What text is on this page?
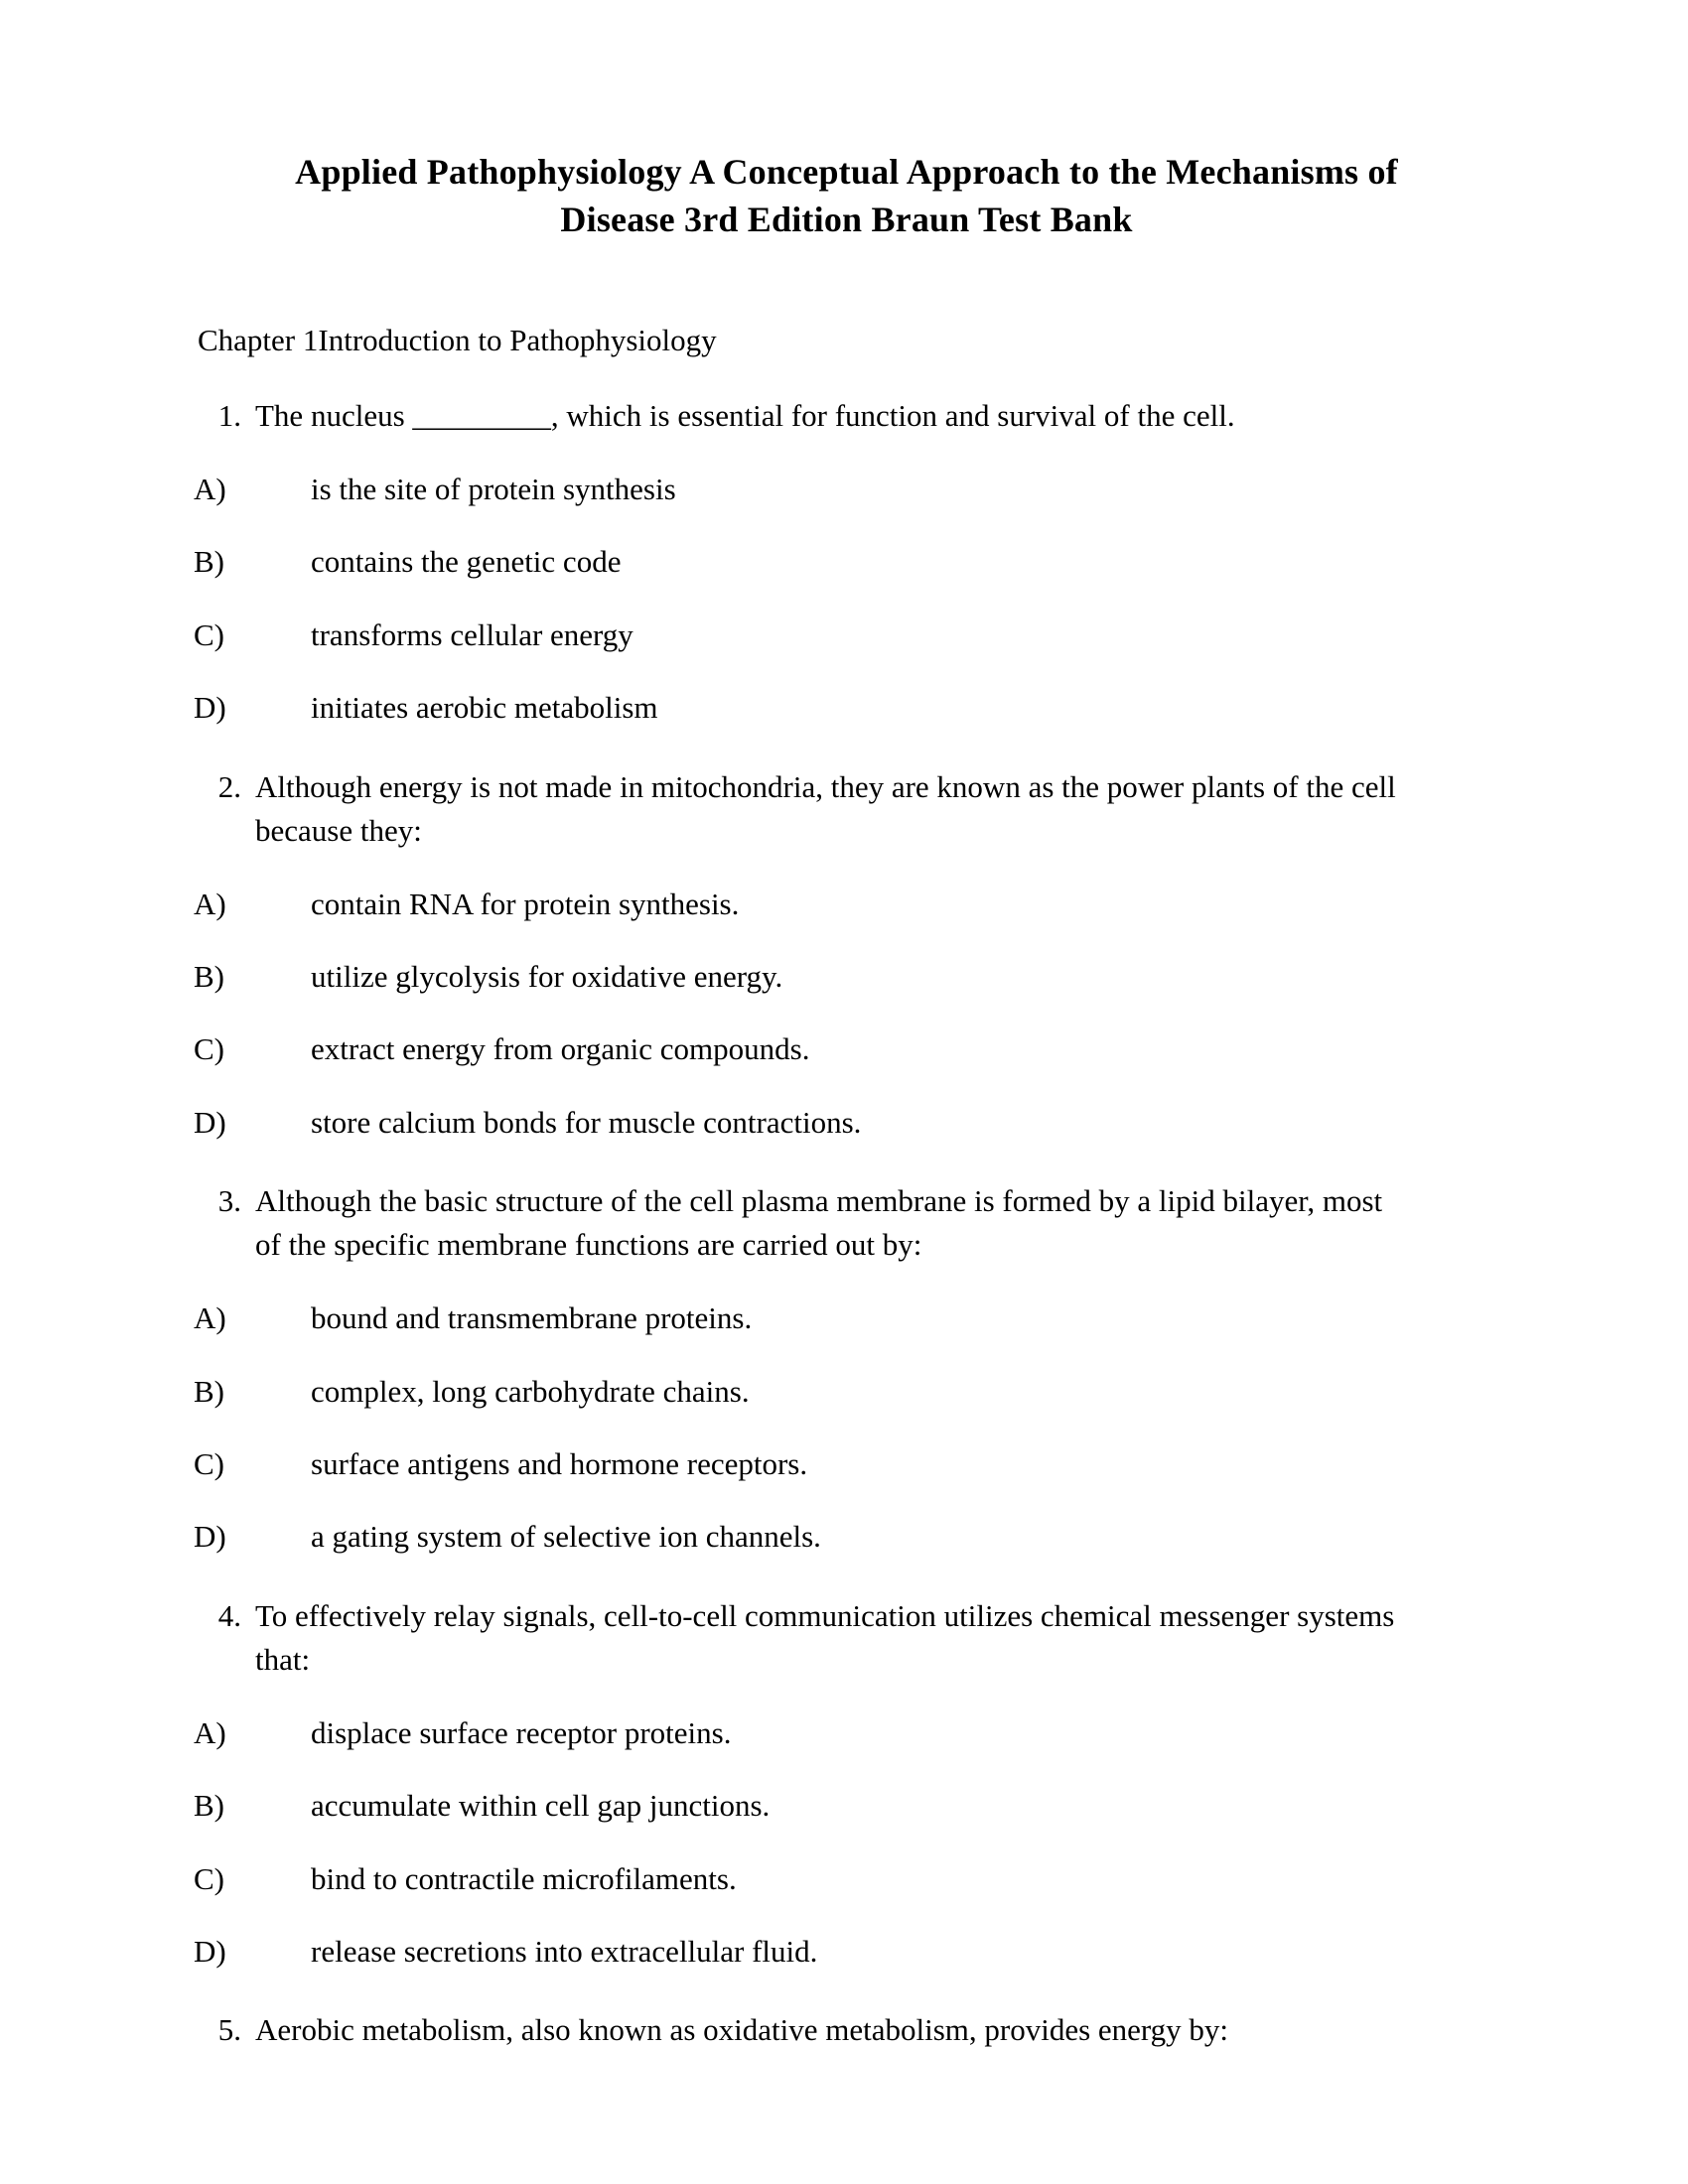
Applied Pathophysiology A Conceptual Approach to the Mechanisms of Disease 3rd Edition Braun Test Bank
Chapter 1Introduction to Pathophysiology
1. The nucleus _________, which is essential for function and survival of the cell.
A)	is the site of protein synthesis
B)	contains the genetic code
C)	transforms cellular energy
D)	initiates aerobic metabolism
2. Although energy is not made in mitochondria, they are known as the power plants of the cell because they:
A)	contain RNA for protein synthesis.
B)	utilize glycolysis for oxidative energy.
C)	extract energy from organic compounds.
D)	store calcium bonds for muscle contractions.
3. Although the basic structure of the cell plasma membrane is formed by a lipid bilayer, most of the specific membrane functions are carried out by:
A)	bound and transmembrane proteins.
B)	complex, long carbohydrate chains.
C)	surface antigens and hormone receptors.
D)	a gating system of selective ion channels.
4. To effectively relay signals, cell-to-cell communication utilizes chemical messenger systems that:
A)	displace surface receptor proteins.
B)	accumulate within cell gap junctions.
C)	bind to contractile microfilaments.
D)	release secretions into extracellular fluid.
5. Aerobic metabolism, also known as oxidative metabolism, provides energy by:
